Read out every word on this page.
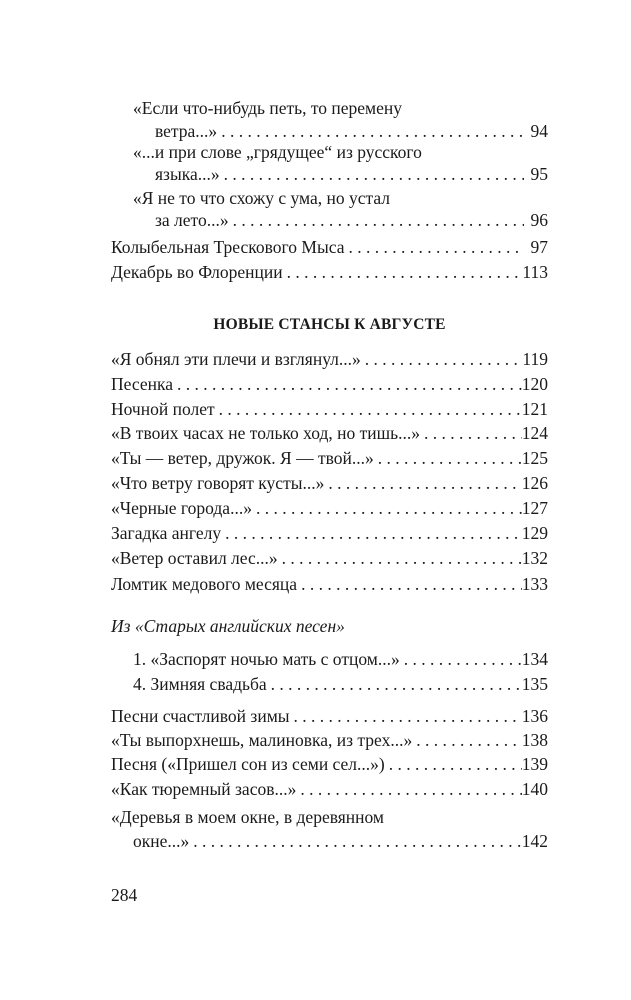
НОВЫЕ СТАНСЫ К АВГУСТЕ
Из «Старых английских песен»
284
«Если что-нибудь петь, то перемену
ветра...» . . .	94
«...и при слове „грядущее“ из русского
языка...» . . .	95
«Я не то что схожу с ума, но устал
за лето...» . . .	96
Колыбельная Трескового Мыса . . .	97
Декабрь во Флоренции . . .	113
«Я обнял эти плечи и взглянул...» . . .	119
Песенка . . .	120
Ночной полет . . .	121
«В твоих часах не только ход, но тишь...» . . .	124
«Ты — ветер, дружок. Я — твой...» . . .	125
«Что ветру говорят кусты...» . . .	126
«Черные города...» . . .	127
Загадка ангелу . . .	129
«Ветер оставил лес...» . . .	132
Ломтик медового месяца . . .	133
1. «Заспорят ночью мать с отцом...» . . .	134
4. Зимняя свадьба . . .	135
Песни счастливой зимы . . .	136
«Ты выпорхнешь, малиновка, из трех...» . . .	138
Песня («Пришел сон из семи сел...») . . .	139
«Как тюремный засов...» . . .	140
«Деревья в моем окне, в деревянном
окне...» . . .	142
